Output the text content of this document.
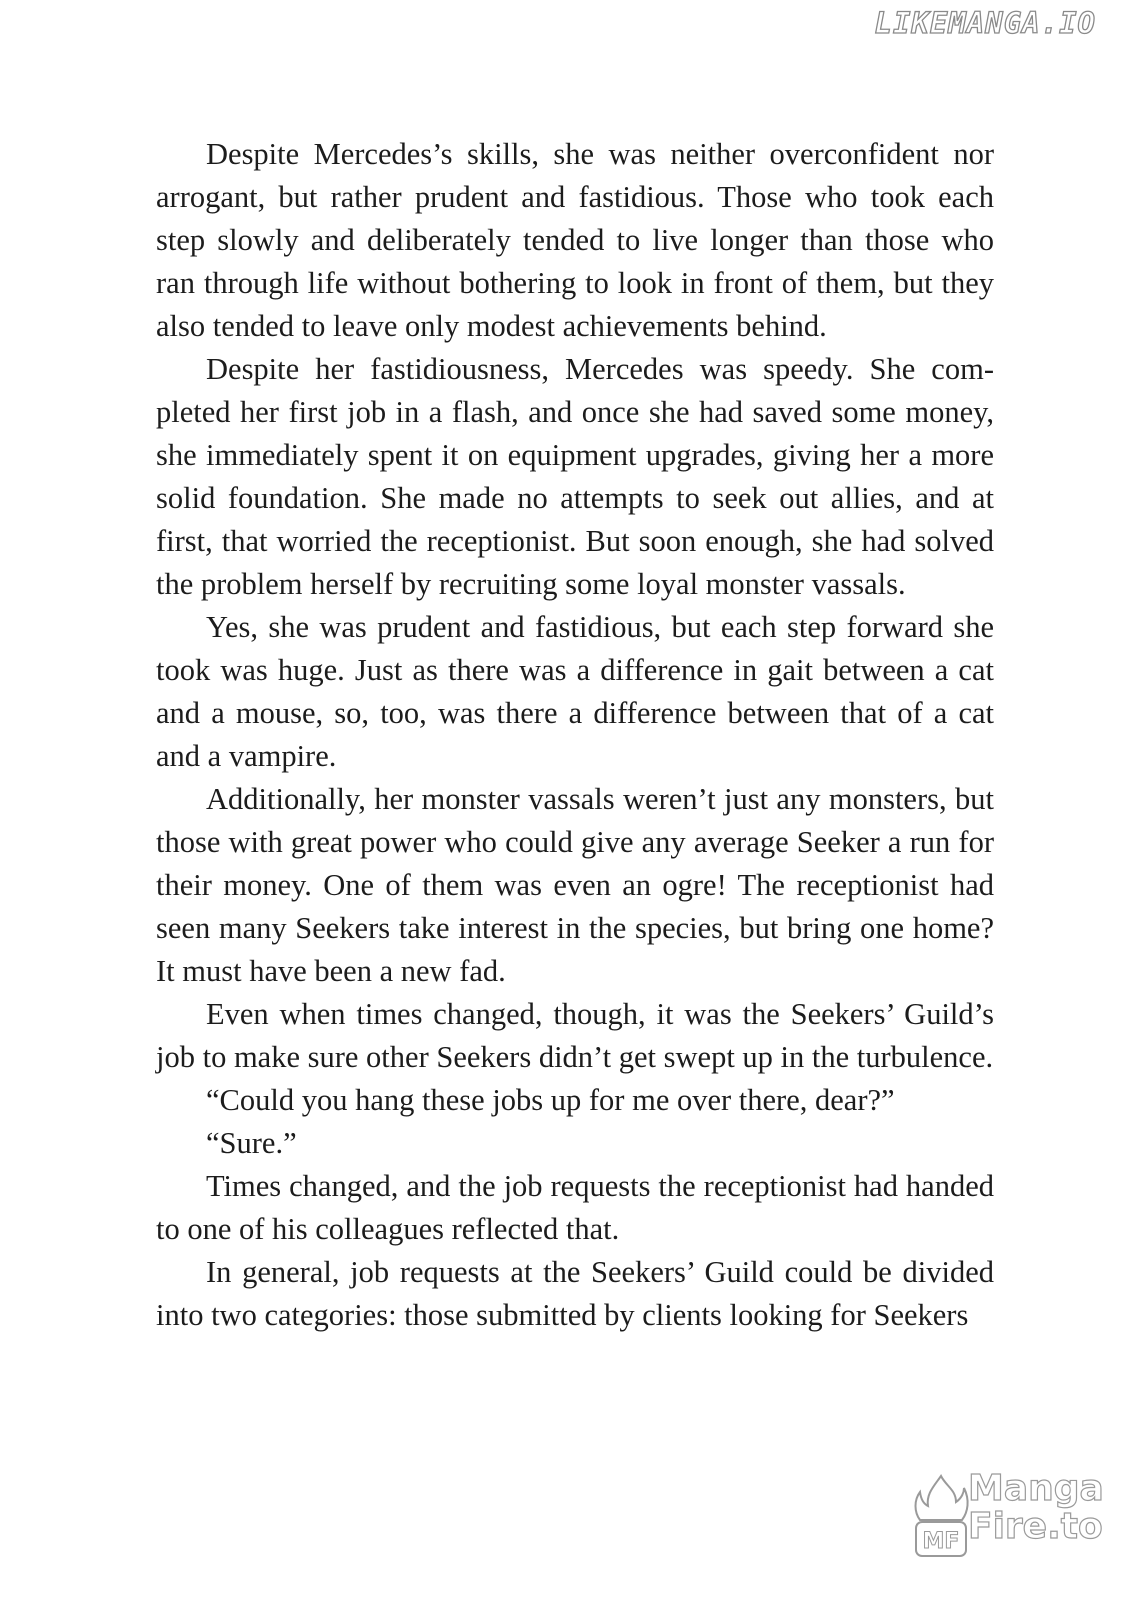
LIKEMANGA.IO

Despite Mercedes’s skills, she was neither overconfident nor arrogant, but rather prudent and fastidious. Those who took each step slowly and deliberately tended to live longer than those who ran through life without bothering to look in front of them, but they also tended to leave only modest achievements behind.

Despite her fastidiousness, Mercedes was speedy. She completed her first job in a flash, and once she had saved some money, she immediately spent it on equipment upgrades, giving her a more solid foundation. She made no attempts to seek out allies, and at first, that worried the receptionist. But soon enough, she had solved the problem herself by recruiting some loyal monster vassals.

Yes, she was prudent and fastidious, but each step forward she took was huge. Just as there was a difference in gait between a cat and a mouse, so, too, was there a difference between that of a cat and a vampire.

Additionally, her monster vassals weren’t just any monsters, but those with great power who could give any average Seeker a run for their money. One of them was even an ogre! The receptionist had seen many Seekers take interest in the species, but bring one home? It must have been a new fad.

Even when times changed, though, it was the Seekers’ Guild’s job to make sure other Seekers didn’t get swept up in the turbulence.

“Could you hang these jobs up for me over there, dear?”

“Sure.”

Times changed, and the job requests the receptionist had handed to one of his colleagues reflected that.

In general, job requests at the Seekers’ Guild could be divided into two categories: those submitted by clients looking for Seekers

MF
Manga
Fire.to
